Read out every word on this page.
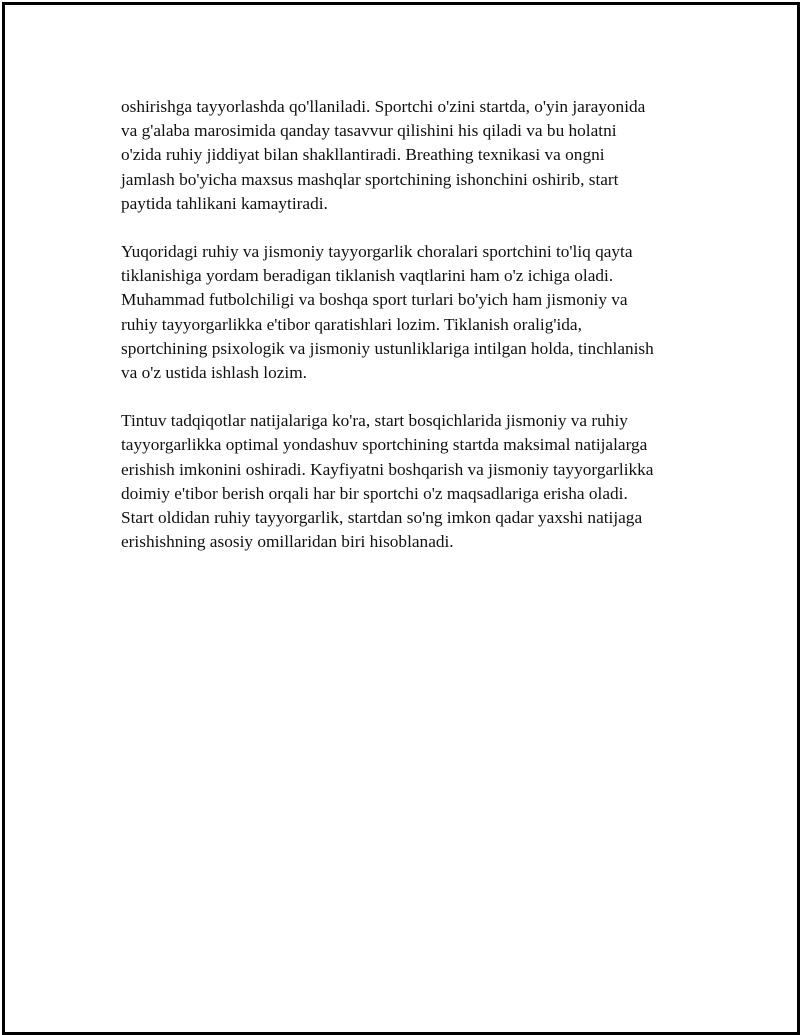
oshirishga tayyorlashda qo'llaniladi. Sportchi o'zini startda, o'yin jarayonida
va g'alaba marosimida qanday tasavvur qilishini his qiladi va bu holatni
o'zida ruhiy jiddiyat bilan shakllantiradi. Breathing texnikasi va ongni
jamlash bo'yicha maxsus mashqlar sportchining ishonchini oshirib, start
paytida tahlikani kamaytiradi.

Yuqoridagi ruhiy va jismoniy tayyorgarlik choralari sportchini to'liq qayta
tiklanishiga yordam beradigan tiklanish vaqtlarini ham o'z ichiga oladi.
Muhammad futbolchiligi va boshqa sport turlari bo'yich ham jismoniy va
ruhiy tayyorgarlikka e'tibor qaratishlari lozim. Tiklanish oralig'ida,
sportchining psixologik va jismoniy ustunliklariga intilgan holda, tinchlanish
va o'z ustida ishlash lozim.

Tintuv tadqiqotlar natijalariga ko'ra, start bosqichlarida jismoniy va ruhiy
tayyorgarlikka optimal yondashuv sportchining startda maksimal natijalarga
erishish imkonini oshiradi. Kayfiyatni boshqarish va jismoniy tayyorgarlikka
doimiy e'tibor berish orqali har bir sportchi o'z maqsadlariga erisha oladi.
Start oldidan ruhiy tayyorgarlik, startdan so'ng imkon qadar yaxshi natijaga
erishishning asosiy omillaridan biri hisoblanadi.
